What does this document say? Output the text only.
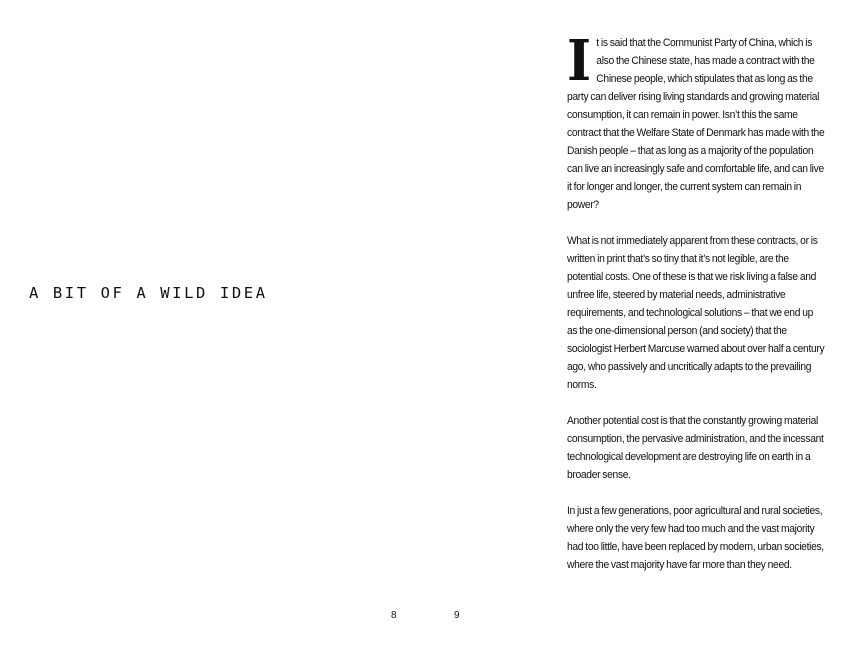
A BIT OF A WILD IDEA
8

It is said that the Communist Party of China, which is also the Chinese state, has made a contract with the Chinese people, which stipulates that as long as the party can deliver rising living standards and growing material consumption, it can remain in power. Isn’t this the same contract that the Welfare State of Denmark has made with the Danish people – that as long as a majority of the population can live an increasingly safe and comfortable life, and can live it for longer and longer, the current system can remain in power?

What is not immediately apparent from these contracts, or is written in print that’s so tiny that it’s not legible, are the potential costs. One of these is that we risk living a false and unfree life, steered by material needs, administrative requirements, and technological solutions – that we end up as the one-dimensional person (and society) that the sociologist Herbert Marcuse warned about over half a century ago, who passively and uncritically adapts to the prevailing norms.

Another potential cost is that the constantly growing material consumption, the pervasive administration, and the incessant technological development are destroying life on earth in a broader sense.

In just a few generations, poor agricultural and rural societies, where only the very few had too much and the vast majority had too little, have been replaced by modern, urban societies, where the vast majority have far more than they need.

9
